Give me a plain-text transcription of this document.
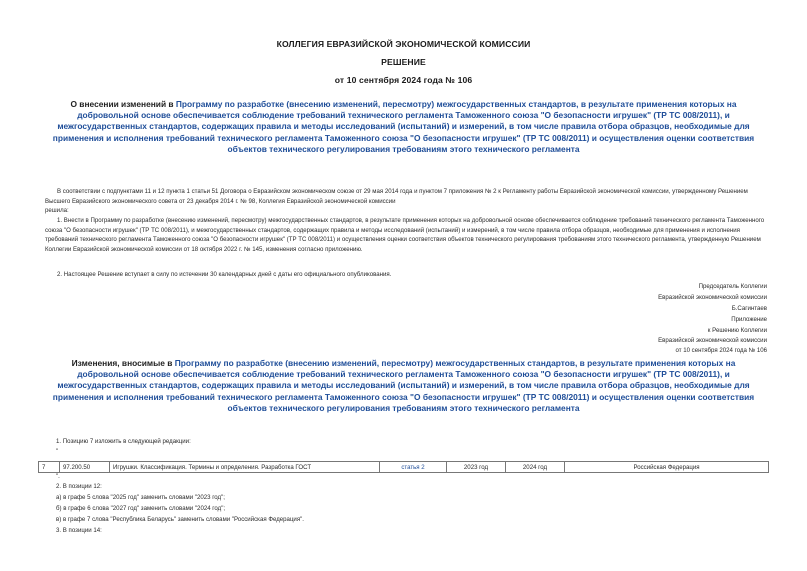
КОЛЛЕГИЯ ЕВРАЗИЙСКОЙ ЭКОНОМИЧЕСКОЙ КОМИССИИ
РЕШЕНИЕ
от 10 сентября 2024 года № 106
О внесении изменений в Программу по разработке (внесению изменений, пересмотру) межгосударственных стандартов, в результате применения которых на добровольной основе обеспечивается соблюдение требований технического регламента Таможенного союза "О безопасности игрушек" (ТР ТС 008/2011), и межгосударственных стандартов, содержащих правила и методы исследований (испытаний) и измерений, в том числе правила отбора образцов, необходимые для применения и исполнения требований технического регламента Таможенного союза "О безопасности игрушек" (ТР ТС 008/2011) и осуществления оценки соответствия объектов технического регулирования требованиям этого технического регламента
В соответствии с подпунктами 11 и 12 пункта 1 статьи 51 Договора о Евразийском экономическом союзе от 29 мая 2014 года и пунктом 7 приложения № 2 к Регламенту работы Евразийской экономической комиссии, утвержденному Решением Высшего Евразийского экономического совета от 23 декабря 2014 г. № 98, Коллегия Евразийской экономической комиссии
решила:
1. Внести в Программу по разработке (внесению изменений, пересмотру) межгосударственных стандартов, в результате применения которых на добровольной основе обеспечивается соблюдение требований технического регламента Таможенного союза "О безопасности игрушек" (ТР ТС 008/2011), и межгосударственных стандартов, содержащих правила и методы исследований (испытаний) и измерений, в том числе правила отбора образцов, необходимые для применения и исполнения требований технического регламента Таможенного союза "О безопасности игрушек" (ТР ТС 008/2011) и осуществления оценки соответствия объектов технического регулирования требованиям этого технического регламента, утвержденную Решением Коллегии Евразийской экономической комиссии от 18 октября 2022 г. № 145, изменения согласно приложению.
2. Настоящее Решение вступает в силу по истечении 30 календарных дней с даты его официального опубликования.
Председатель Коллегии
Евразийской экономической комиссии
Б.Сагинтаев
Приложение
к Решению Коллегии
Евразийской экономической комиссии
от 10 сентября 2024 года № 106
Изменения, вносимые в Программу по разработке (внесению изменений, пересмотру) межгосударственных стандартов, в результате применения которых на добровольной основе обеспечивается соблюдение требований технического регламента Таможенного союза "О безопасности игрушек" (ТР ТС 008/2011), и межгосударственных стандартов, содержащих правила и методы исследований (испытаний) и измерений, в том числе правила отбора образцов, необходимые для применения и исполнения требований технического регламента Таможенного союза "О безопасности игрушек" (ТР ТС 008/2011) и осуществления оценки соответствия объектов технического регулирования требованиям этого технического регламента
1. Позицию 7 изложить в следующей редакции:
"
7	97.200.50	Игрушки. Классификация. Термины и определения. Разработка ГОСТ	статья 2	2023 год	2024 год	Российская Федерация
".
2. В позиции 12:
а) в графе 5 слова "2025 год" заменить словами "2023 год";
б) в графе 6 слова "2027 год" заменить словами "2024 год";
в) в графе 7 слова "Республика Беларусь" заменить словами "Российская Федерация".
3. В позиции 14:
